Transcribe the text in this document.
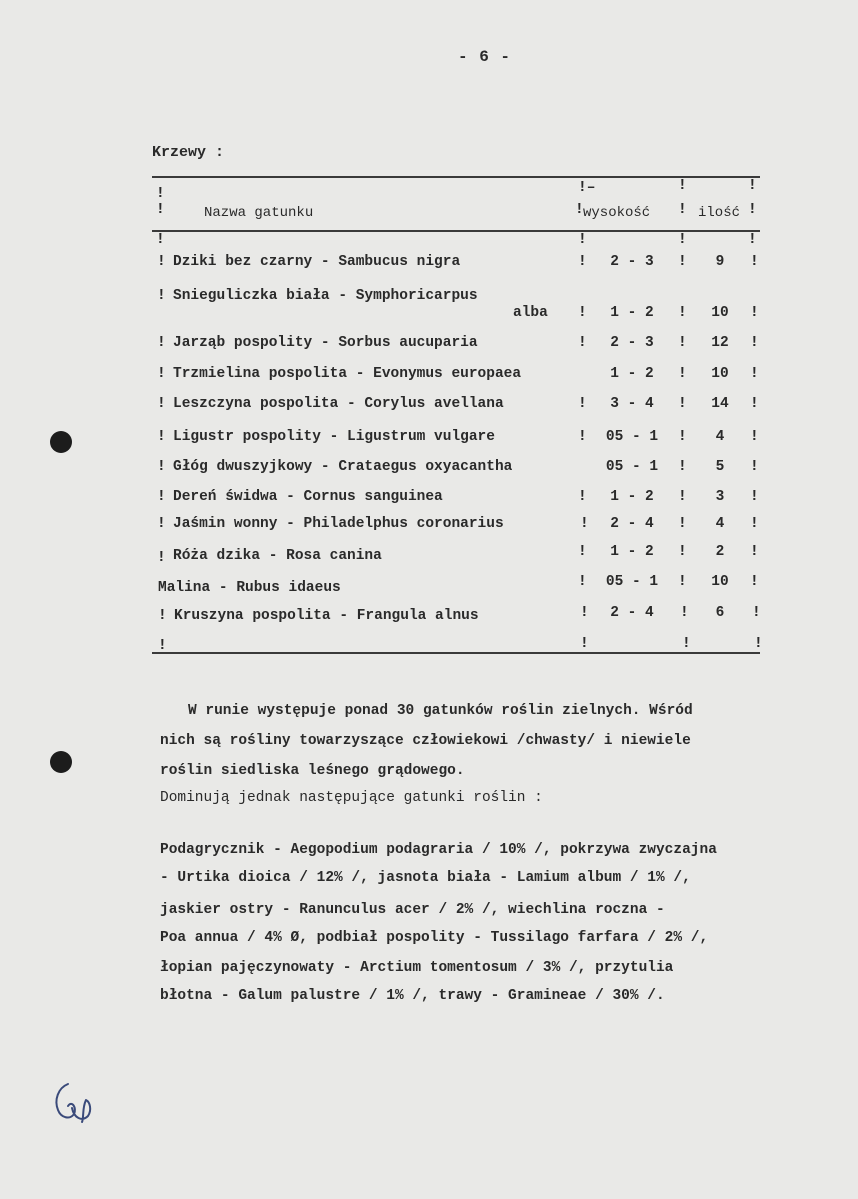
- 6 -
Krzewy :
!
!
!–
!
!
!
!
!
Nazwa gatunku	wysokość	ilość
!	!	!	!
! Dziki bez czarny - Sambucus nigra	!	2 - 3	!	9	!
! Snieguliczka biała - Symphoricarpus
alba !	1 - 2	!	10	!
! Jarząb pospolity - Sorbus aucuparia	!	2 - 3	!	12	!
! Trzmielina pospolita - Evonymus europaea	1 - 2	!	10	!
! Leszczyna pospolita - Corylus avellana	!	3 - 4	!	14	!
! Ligustr pospolity - Ligustrum vulgare	!	05 - 1	!	4	!
! Głóg dwuszyjkowy - Crataegus oxyacantha	05 - 1	!	5	!
! Dereń świdwa - Cornus sanguinea	!	1 - 2	!	3	!
! Jaśmin wonny - Philadelphus coronarius	!	2 - 4	!	4	!
! Róża dzika - Rosa canina	!	1 - 2	!	2	!
Malina - Rubus idaeus	!	05 - 1	!	10	!
! Kruszyna pospolita - Frangula alnus	!	2 - 4	!	6	!
!	!	!	!
W runie występuje ponad 30 gatunków roślin zielnych. Wśród
nich są rośliny towarzyszące człowiekowi /chwasty/ i niewiele
roślin siedliska leśnego grądowego.
Dominują jednak następujące gatunki roślin :
Podagrycznik - Aegopodium podagraria / 10% /, pokrzywa zwyczajna
- Urtika dioica / 12% /, jasnota biała - Lamium album / 1% /,
jaskier ostry - Ranunculus acer / 2% /, wiechlina roczna -
Poa annua / 4% Ø, podbiał pospolity - Tussilago farfara / 2% /,
łopian pajęczynowaty - Arctium tomentosum / 3% /, przytulia
błotna - Galum palustre / 1% /, trawy - Gramineae / 30% /.
